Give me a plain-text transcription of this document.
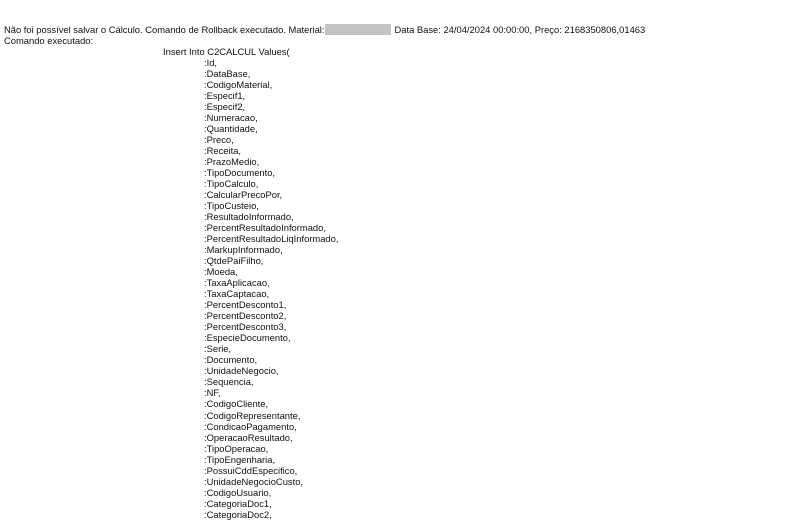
Não foi possível salvar o Cálculo. Comando de Rollback executado. Material:	Data Base: 24/04/2024 00:00:00, Preço: 2168350806,01463
Comando executado:
Insert Into C2CALCUL Values(
:Id,
:DataBase,
:CodigoMaterial,
:Especif1,
:Especif2,
:Numeracao,
:Quantidade,
:Preco,
:Receita,
:PrazoMedio,
:TipoDocumento,
:TipoCalculo,
:CalcularPrecoPor,
:TipoCusteio,
:ResultadoInformado,
:PercentResultadoInformado,
:PercentResultadoLiqInformado,
:MarkupInformado,
:QtdePaiFilho,
:Moeda,
:TaxaAplicacao,
:TaxaCaptacao,
:PercentDesconto1,
:PercentDesconto2,
:PercentDesconto3,
:EspecieDocumento,
:Serie,
:Documento,
:UnidadeNegocio,
:Sequencia,
:NF,
:CodigoCliente,
:CodigoRepresentante,
:CondicaoPagamento,
:OperacaoResultado,
:TipoOperacao,
:TipoEngenharia,
:PossuiCddEspecifico,
:UnidadeNegocioCusto,
:CodigoUsuario,
:CategoriaDoc1,
:CategoriaDoc2,
